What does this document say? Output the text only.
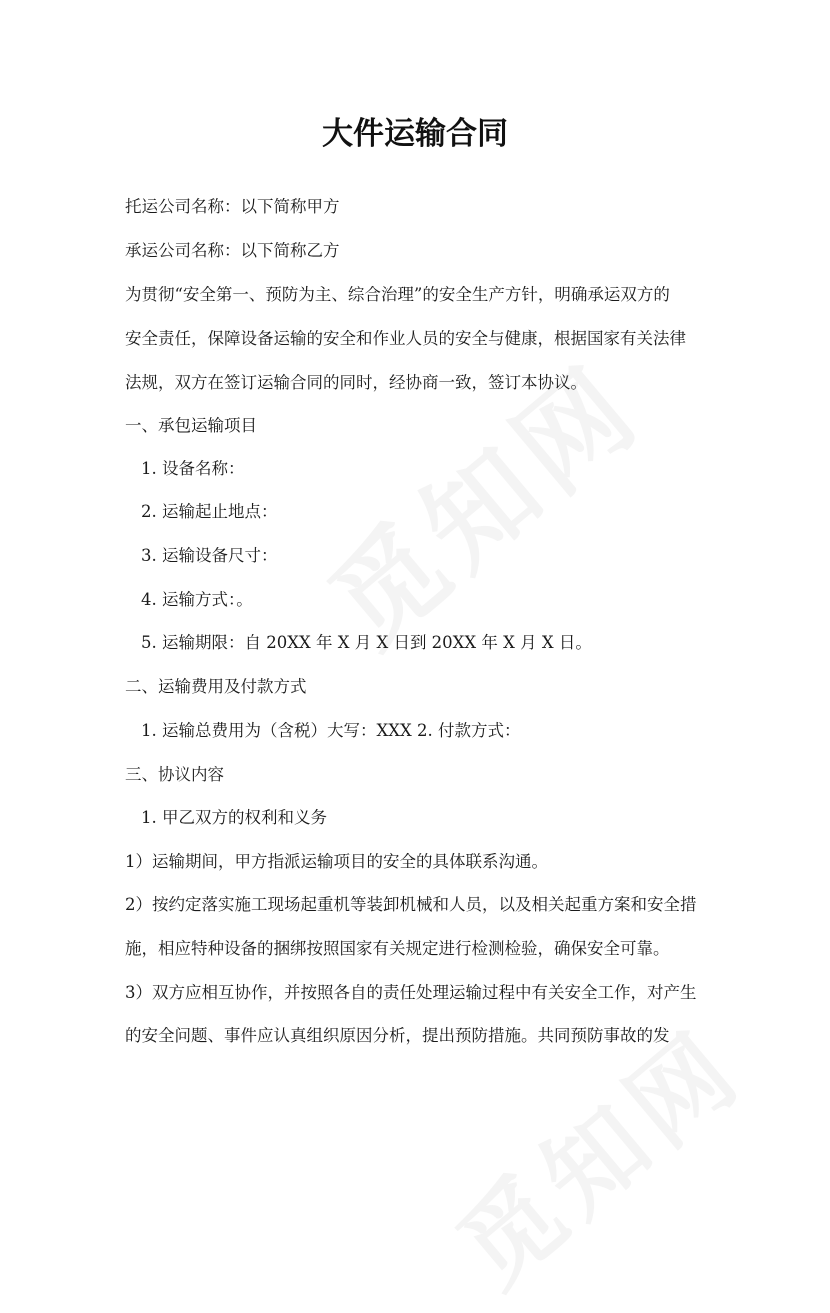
大件运输合同
托运公司名称：以下简称甲方
承运公司名称：以下简称乙方
为贯彻“安全第一、预防为主、综合治理”的安全生产方针，明确承运双方的
安全责任，保障设备运输的安全和作业人员的安全与健康，根据国家有关法律
法规，双方在签订运输合同的同时，经协商一致，签订本协议。
一、承包运输项目
1. 设备名称：
2. 运输起止地点：
3. 运输设备尺寸：
4. 运输方式：。
5. 运输期限：自 20XX 年 X 月 X 日到 20XX 年 X 月 X 日。
二、运输费用及付款方式
1. 运输总费用为（含税）大写：XXX 2. 付款方式：
三、协议内容
1. 甲乙双方的权利和义务
1）运输期间，甲方指派运输项目的安全的具体联系沟通。
2）按约定落实施工现场起重机等装卸机械和人员，以及相关起重方案和安全措
施，相应特种设备的捆绑按照国家有关规定进行检测检验，确保安全可靠。
3）双方应相互协作，并按照各自的责任处理运输过程中有关安全工作，对产生
的安全问题、事件应认真组织原因分析，提出预防措施。共同预防事故的发
